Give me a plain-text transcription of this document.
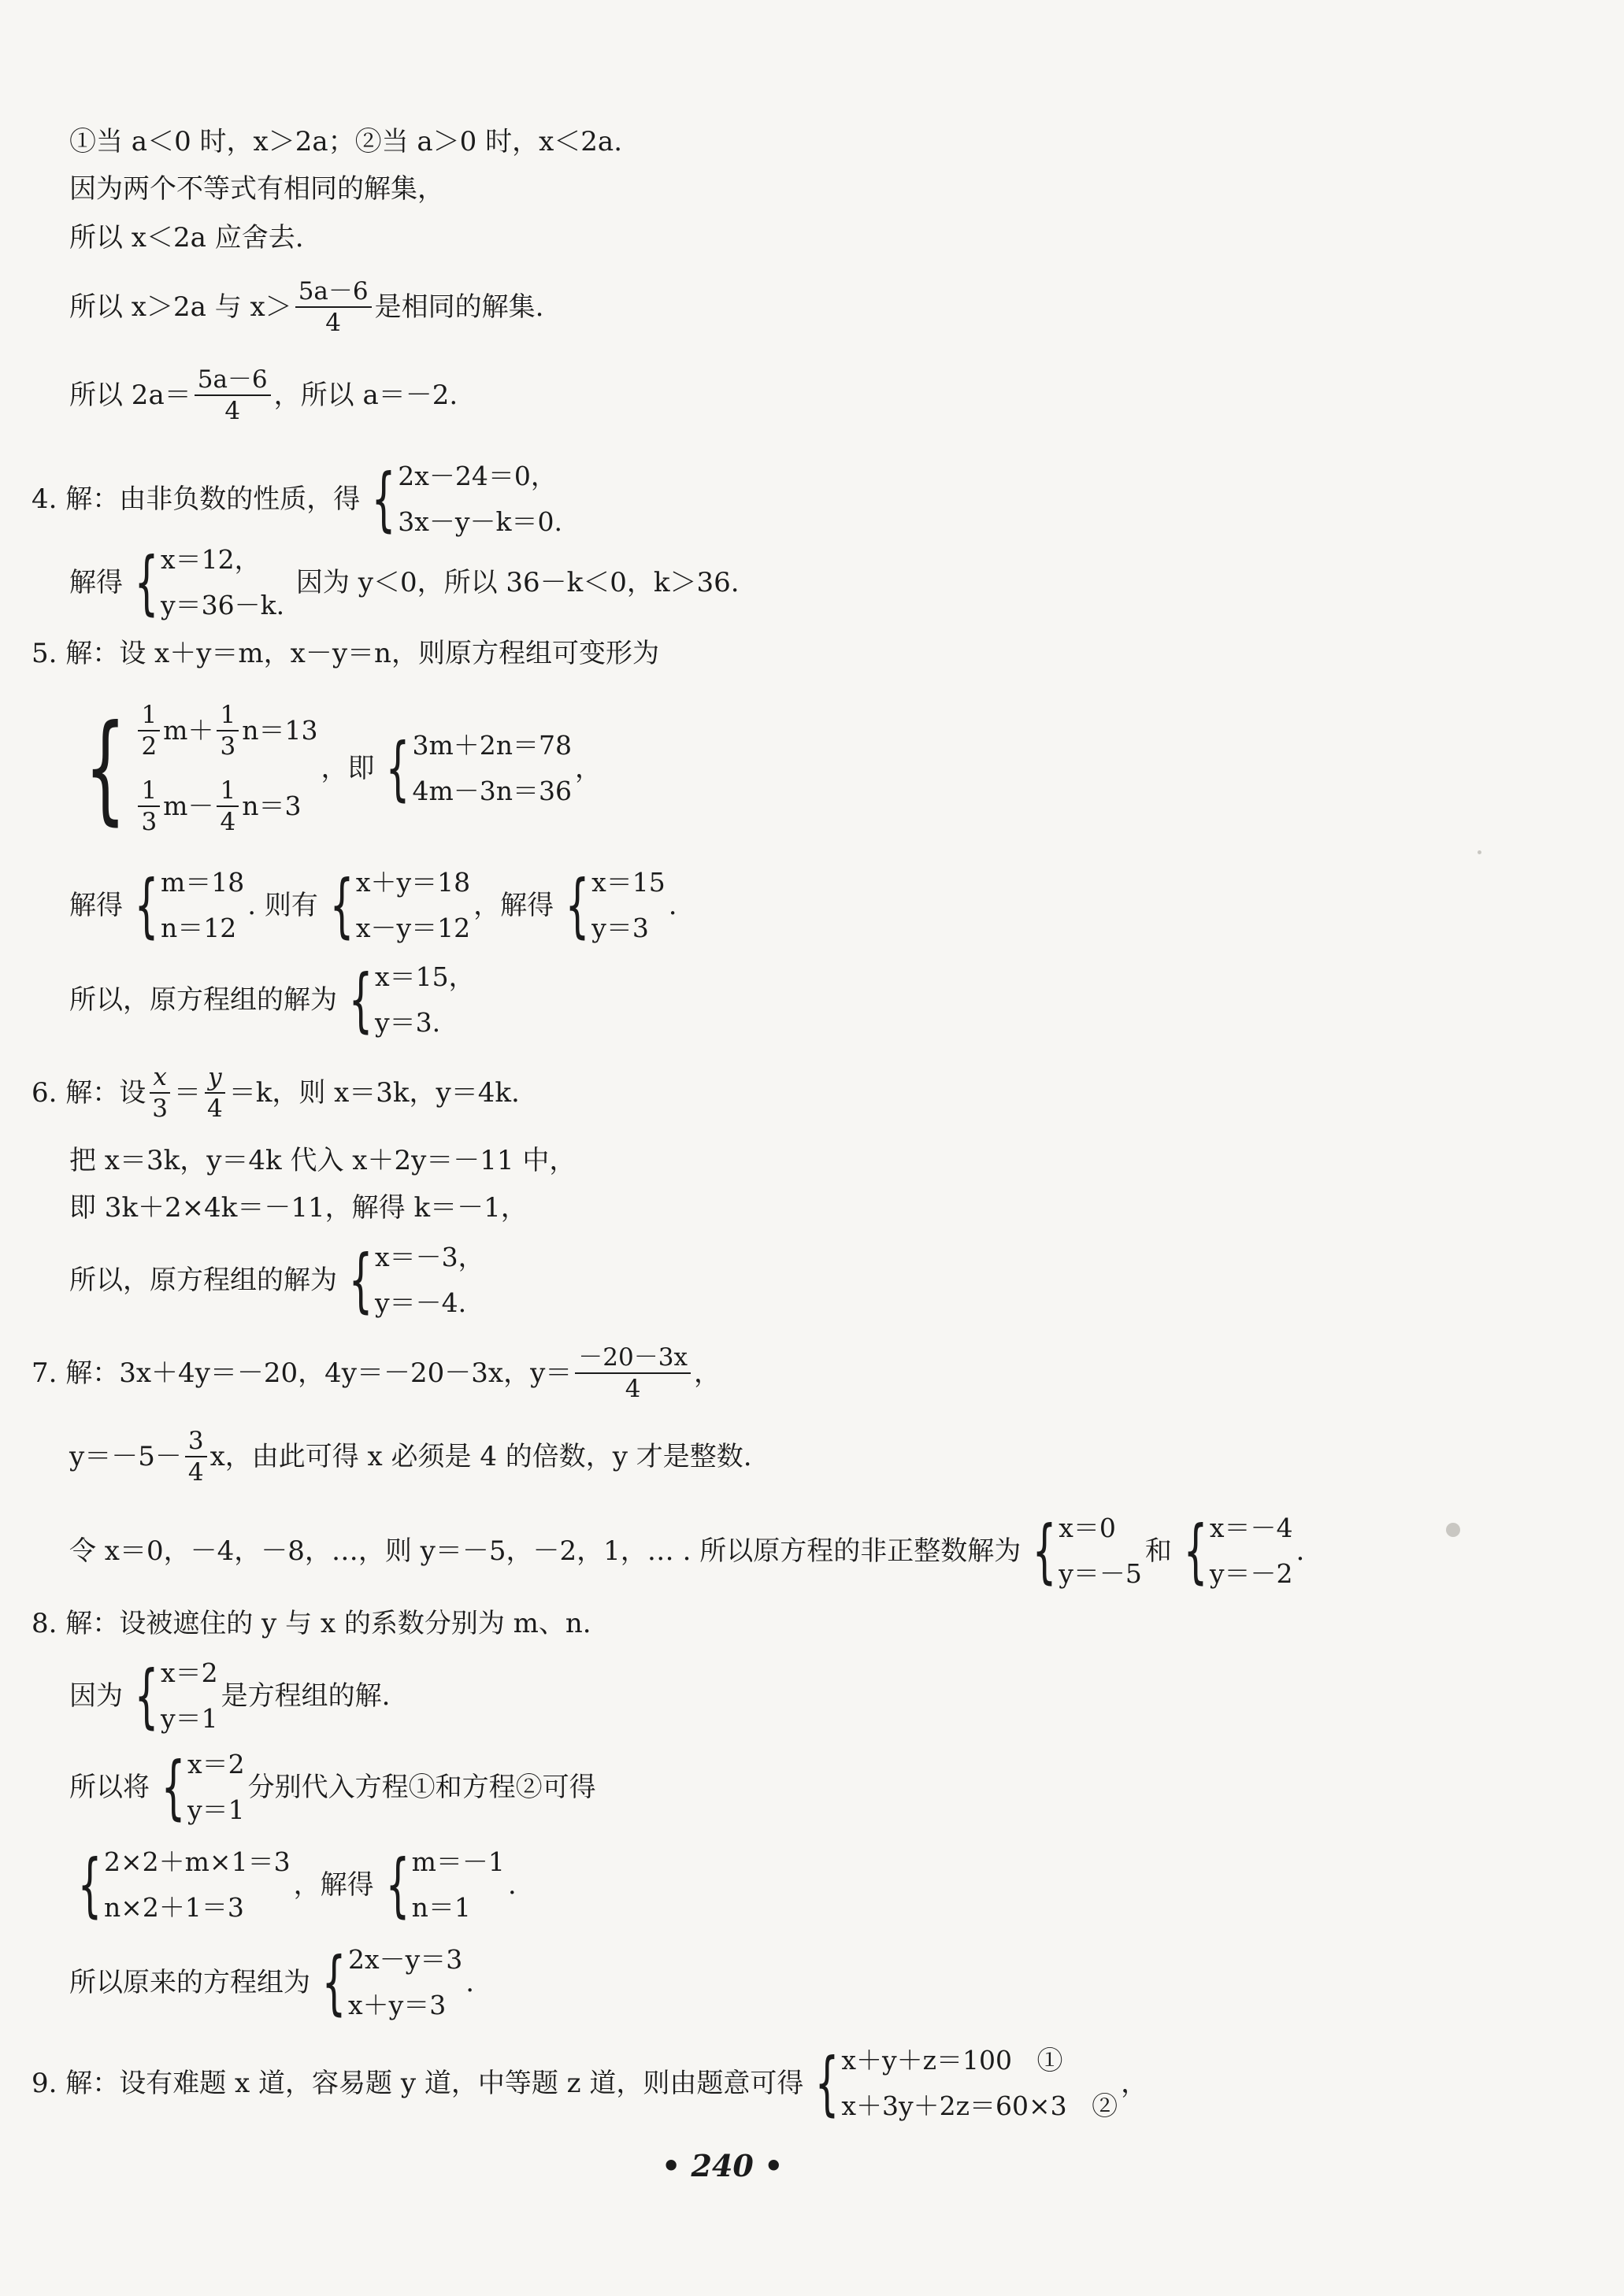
①当 a＜0 时，x＞2a；②当 a＞0 时，x＜2a.
因为两个不等式有相同的解集，
所以 x＜2a 应舍去.
所以 x＞2a 与 $x> \frac{5a-6}{4}$ 是相同的解集.
所以 $2a= \frac{5a-6}{4}$ ，所以 a＝－2.
4. 解：由非负数的性质，得 { 2x－24＝0，
3x－y－k＝0.
解得 { x＝12，
y＝36－k.
因为 y＜0，所以 36－k＜0，k＞36.
5. 解：设 x＋y＝m，x－y＝n，则原方程组可变形为
{ $\frac{1}{2} m+ \frac{1}{3} n=13$
$\frac{1}{3} m- \frac{1}{4} n=3$
，即 { 3m＋2n＝78
4m－3n＝36
，
解得 { m＝18
n＝12
. 则有 { x＋y＝18
x－y＝12
，解得 { x＝15
y＝3
.
所以，原方程组的解为 { x＝15，
y＝3.
6. 解：设 $\frac{x}{3} = \frac{y}{4} =k$，则 x＝3k，y＝4k.
把 x＝3k，y＝4k 代入 x＋2y＝－11 中，
即 3k＋2×4k＝－11，解得 k＝－1，
所以，原方程组的解为 { x＝－3，
y＝－4.
7. 解：3x＋4y＝－20，4y＝－20－3x，$y= \frac{-20-3x}{4}$ ，
$y=-5- \frac{3}{4}$ x，由此可得 x 必须是 4 的倍数，y 才是整数.
令 x＝0，－4，－8，…，则 y＝－5，－2，1，… . 所以原方程的非正整数解为 { x＝0
y＝－5
和 { x＝－4
y＝－2
.
8. 解：设被遮住的 y 与 x 的系数分别为 m、n.
因为 { x＝2
y＝1
是方程组的解.
所以将 { x＝2
y＝1
分别代入方程①和方程②可得
{ 2×2＋m×1＝3
n×2＋1＝3
，解得 { m＝－1
n＝1
.
所以原来的方程组为 { 2x－y＝3
x＋y＝3
.
9. 解：设有难题 x 道，容易题 y 道，中等题 z 道，则由题意可得 { x＋y＋z＝100   ①
x＋3y＋2z＝60×3   ②
，
• 240 •
